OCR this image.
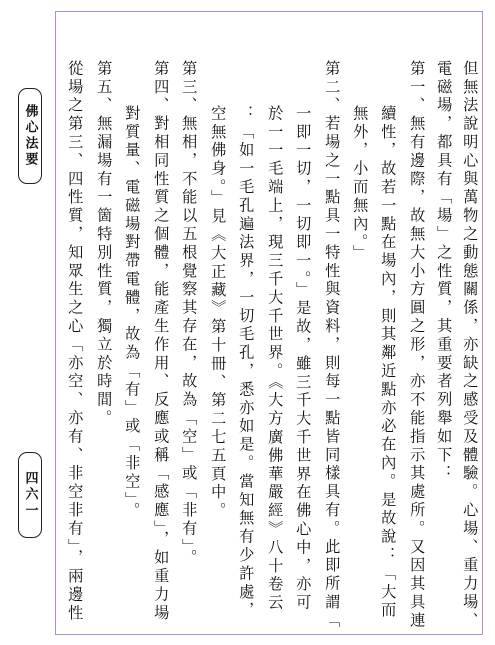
佛心法要
四六一	但無法說明心與萬物之動態關係，亦缺之感受及體驗。心場、重力場、
電磁場，都具有「場」之性質，其重要者列舉如下：
第一、無有邊際，故無大小方圓之形，亦不能指示其處所。又因其具連
續性，故若一點在場內，則其鄰近點亦必在內。是故說：「大而
無外，小而無內。」
第二、若場之一點具一特性與資料，則每一點皆同樣具有。此即所謂「
一即一切，一切即一。」是故，雖三千大千世界在佛心中，亦可
於一一毛端上，現三千大千世界。《大方廣佛華嚴經》八十卷云
：「如一毛孔遍法界，一切毛孔，悉亦如是。當知無有少許處，
空無佛身。」見《大正藏》第十冊、第二七五頁中。
第三、無相，不能以五根覺察其存在，故為「空」或「非有」。
第四、對相同性質之個體，能產生作用、反應或稱「感應」，如重力場
對質量、電磁場對帶電體，故為「有」或「非空」。
第五、無漏場有一箇特別性質，獨立於時間。
從場之第三、四性質，知眾生之心「亦空、亦有、非空非有」，兩邊性
